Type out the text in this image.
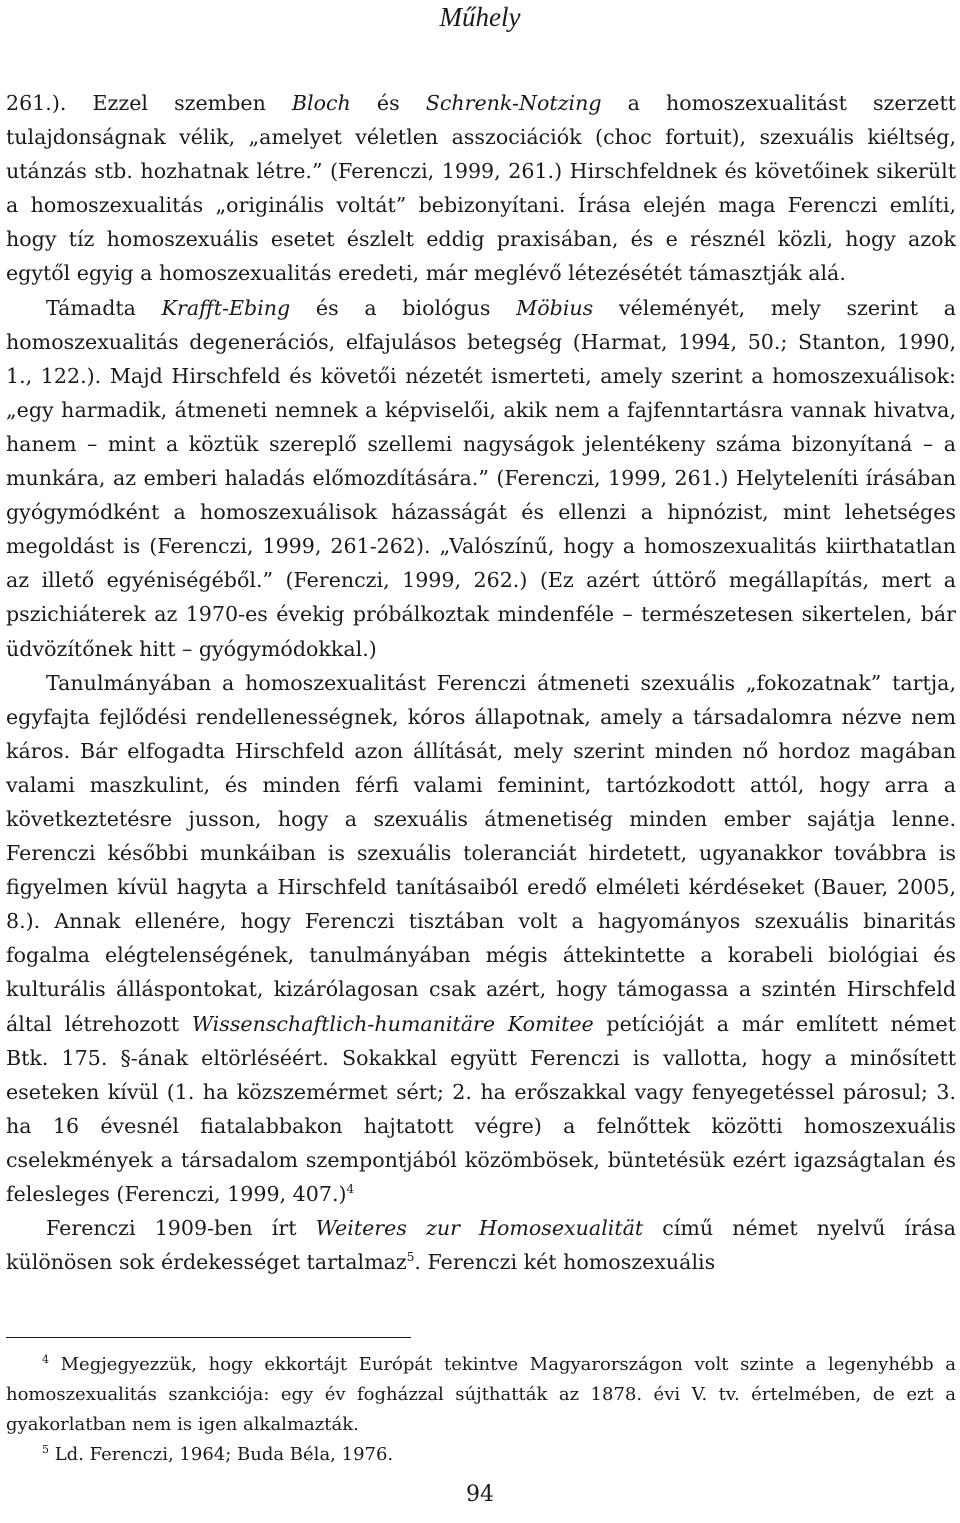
Műhely

261.). Ezzel szemben Bloch és Schrenk-Notzing a homoszexualitást szerzett tulajdonságnak vélik, „amelyet véletlen asszociációk (choc fortuit), szexuális kiéltség, utánzás stb. hozhatnak létre.” (Ferenczi, 1999, 261.) Hirschfeldnek és követőinek sikerült a homoszexualitás „originális voltát” bebizonyítani. Írása elején maga Ferenczi említi, hogy tíz homoszexuális esetet észlelt eddig praxisában, és e résznél közli, hogy azok egytől egyig a homoszexualitás eredeti, már meglévő létezésétét támasztják alá.

Támadta Krafft-Ebing és a biológus Möbius véleményét, mely szerint a homoszexualitás degenerációs, elfajulásos betegség (Harmat, 1994, 50.; Stanton, 1990, 1., 122.). Majd Hirschfeld és követői nézetét ismerteti, amely szerint a homoszexuálisok: „egy harmadik, átmeneti nemnek a képviselői, akik nem a fajfenntartásra vannak hivatva, hanem – mint a köztük szereplő szellemi nagyságok jelentékeny száma bizonyítaná – a munkára, az emberi haladás előmozdítására.” (Ferenczi, 1999, 261.) Helyteleníti írásában gyógymódként a homoszexuálisok házasságát és ellenzi a hipnózist, mint lehetséges megoldást is (Ferenczi, 1999, 261-262). „Valószínű, hogy a homoszexualitás kiirthatatlan az illető egyéniségéből.” (Ferenczi, 1999, 262.) (Ez azért úttörő megállapítás, mert a pszichiáterek az 1970-es évekig próbálkoztak mindenféle – természetesen sikertelen, bár üdvözítőnek hitt – gyógymódokkal.)

Tanulmányában a homoszexualitást Ferenczi átmeneti szexuális „fokozatnak” tartja, egyfajta fejlődési rendellenességnek, kóros állapotnak, amely a társadalomra nézve nem káros. Bár elfogadta Hirschfeld azon állítását, mely szerint minden nő hordoz magában valami maszkulint, és minden férfi valami feminint, tartózkodott attól, hogy arra a következtetésre jusson, hogy a szexuális átmenetiség minden ember sajátja lenne. Ferenczi későbbi munkáiban is szexuális toleranciát hirdetett, ugyanakkor továbbra is figyelmen kívül hagyta a Hirschfeld tanításaiból eredő elméleti kérdéseket (Bauer, 2005, 8.). Annak ellenére, hogy Ferenczi tisztában volt a hagyományos szexuális binaritás fogalma elégtelenségének, tanulmányában mégis áttekintette a korabeli biológiai és kulturális álláspontokat, kizárólagosan csak azért, hogy támogassa a szintén Hirschfeld által létrehozott Wissenschaftlich-humanitäre Komitee petícióját a már említett német Btk. 175. §-ának eltörléséért. Sokakkal együtt Ferenczi is vallotta, hogy a minősített eseteken kívül (1. ha közszemérmet sért; 2. ha erőszakkal vagy fenyegetéssel párosul; 3. ha 16 évesnél fiatalabbakon hajtatott végre) a felnőttek közötti homoszexuális cselekmények a társadalom szempontjából közömbösek, büntetésük ezért igazságtalan és felesleges (Ferenczi, 1999, 407.)$^4$

Ferenczi 1909-ben írt Weiteres zur Homosexualität című német nyelvű írása különösen sok érdekességet tartalmaz$^5$. Ferenczi két homoszexuális

$^4$ Megjegyezzük, hogy ekkortájt Európát tekintve Magyarországon volt szinte a legenyhébb a homoszexualitás szankciója: egy év fogházzal sújthatták az 1878. évi V. tv. értelmében, de ezt a gyakorlatban nem is igen alkalmazták.

$^5$ Ld. Ferenczi, 1964; Buda Béla, 1976.

94
